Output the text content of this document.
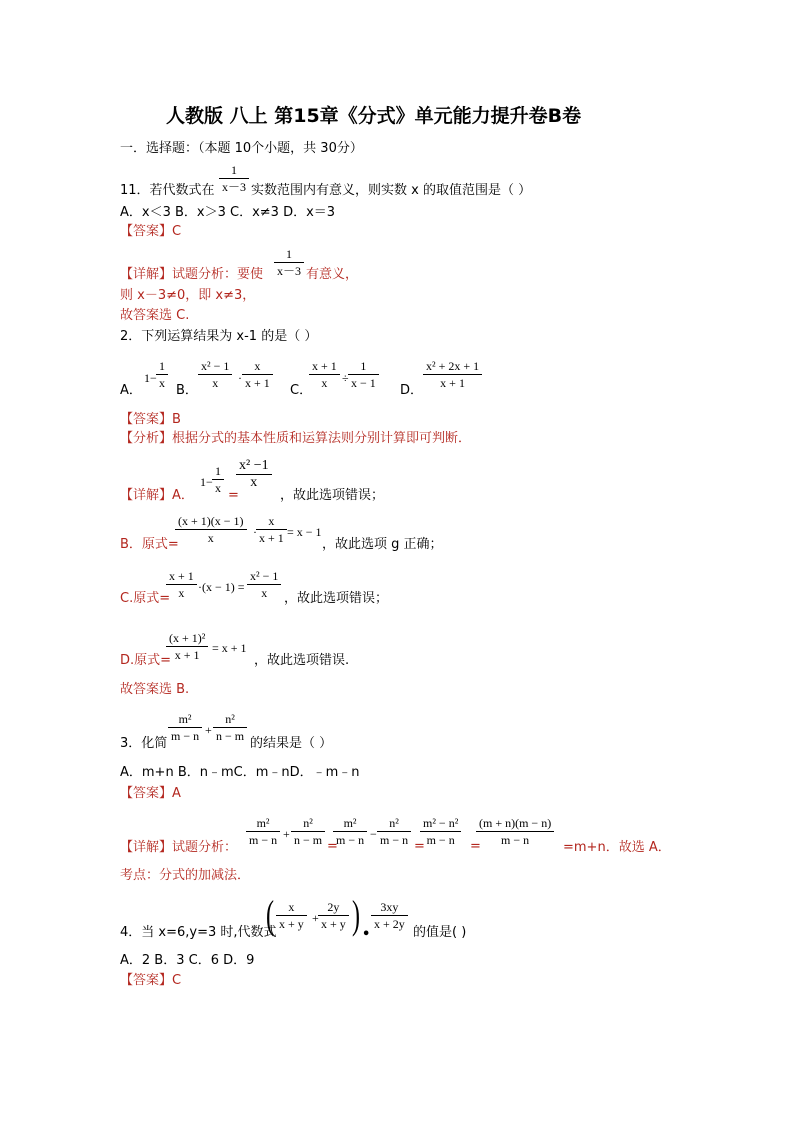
人教版 八上 第15章《分式》单元能力提升卷B卷
一．选择题：（本题 10个小题，共 30分）
11．若代数式在 $\frac{1}{x-3}$ 实数范围内有意义，则实数 x 的取值范围是（ ）
A．x＜3 B．x＞3 C．x≠3 D．x＝3
【答案】C
【详解】试题分析：要使 $\frac{1}{x-3}$ 有意义，
则 x－3≠0，即 x≠3，
故答案选 C.
2．下列运算结果为 x-1 的是（ ）
A．
$1- \frac{1}{x}$
B．
$\frac{\text{x² − 1}}{x} \cdot \frac{x}{x + 1}$
C．
$\frac{x + 1}{x} \div \frac{1}{x - 1}$
D．
$\frac{\text{x² + 2x + 1}}{x + 1}$
【答案】B
【分析】根据分式的基本性质和运算法则分别计算即可判断．
【详解】A．
$1- \frac{1}{x}$
=
$\frac{\text{x² −1}}{x}$
，故此选项错误；
B．原式=
$\frac{(x + 1)(x - 1)}{x} \cdot \frac{x}{x + 1} = x - 1$
，故此选项 g 正确；
C.原式=
$\frac{x + 1}{x} \cdot(x - 1) = \frac{\text{x² − 1}}{x}$ ，故此选项错误；
D.原式=
$\frac{\text{(x + 1)²}}{x + 1} = x + 1$
，故此选项错误.
故答案选 B.
3．化简
$\frac{\text{m²}}{m - n} + \frac{\text{n²}}{n - m}$
的结果是（ ）
A．m+n B．n﹣mC．m﹣nD．﹣m﹣n
【答案】A
【详解】试题分析：
$\frac{\text{m²}}{m - n} + \frac{\text{n²}}{n - m}$
=
$\frac{\text{m²}}{m - n} - \frac{\text{n²}}{m - n}$
=
$\frac{\text{m² − n²}}{m - n}$
=
$\frac{(m + n)(m - n)}{m - n}$
=m+n．故选 A．
考点：分式的加减法．
4．当 x=6,y=3 时,代数式
( $\frac{x}{x + y} + \frac{2y}{x + y}$ ) •
$\frac{3xy}{x + 2y}$
的值是( )
A．2 B．3 C．6 D．9
【答案】C
